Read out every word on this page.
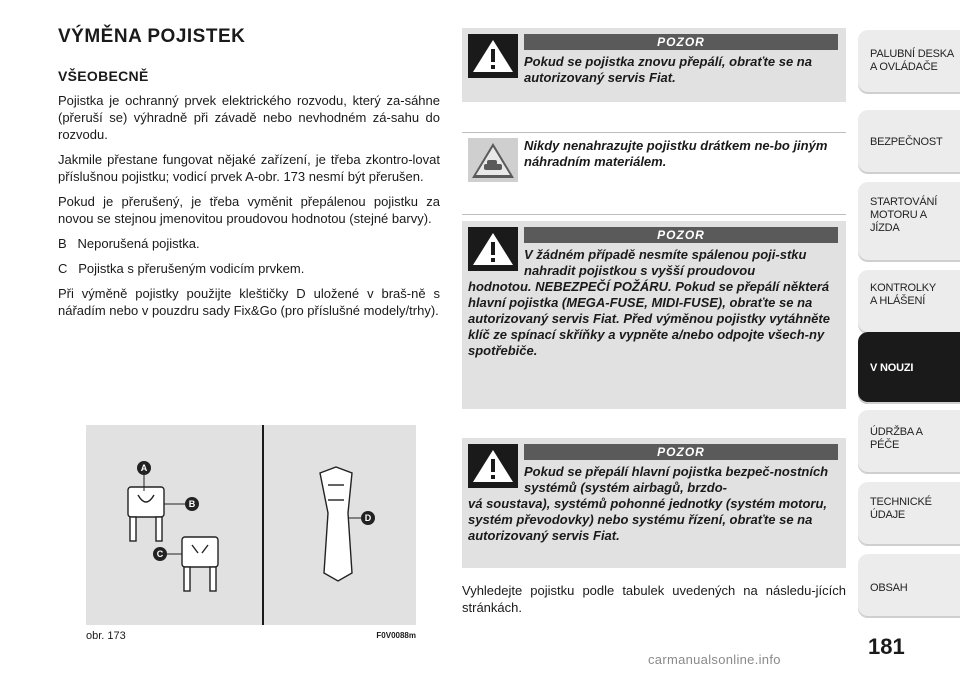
VÝMĚNA POJISTEK
VŠEOBECNĚ

Pojistka je ochranný prvek elektrického rozvodu, který za-sáhne (přeruší se) výhradně při závadě nebo nevhodném zá-sahu do rozvodu.

Jakmile přestane fungovat nějaké zařízení, je třeba zkontro-lovat příslušnou pojistku; vodicí prvek A-obr. 173 nesmí být přerušen.

Pokud je přerušený, je třeba vyměnit přepálenou pojistku za novou se stejnou jmenovitou proudovou hodnotou (stejné barvy).

B   Neporušená pojistka.

C   Pojistka s přerušeným vodicím prvkem.

Při výměně pojistky použijte kleštičky D uložené v braš-ně s nářadím nebo v pouzdru sady Fix&Go (pro příslušné modely/trhy).

A
B
C
D
obr. 173	F0V0088m
POZOR
Pokud se pojistka znovu přepálí, obraťte se na autorizovaný servis Fiat.
Nikdy nenahrazujte pojistku drátkem ne-bo jiným náhradním materiálem.
POZOR
V žádném případě nesmíte spálenou poji-stku nahradit pojistkou s vyšší proudovou
hodnotou. NEBEZPEČÍ POŽÁRU. Pokud se přepálí některá hlavní pojistka (MEGA-FUSE, MIDI-FUSE), obraťte se na autorizovaný servis Fiat. Před výměnou pojistky vytáhněte klíč ze spínací skříňky a vypněte a/nebo odpojte všech-ny spotřebiče.
POZOR
Pokud se přepálí hlavní pojistka bezpeč-nostních systémů (systém airbagů, brzdo-
vá soustava), systémů pohonné jednotky (systém motoru, systém převodovky) nebo systému řízení, obraťte se na autorizovaný servis Fiat.
Vyhledejte pojistku podle tabulek uvedených na následu-jících stránkách.
PALUBNÍ DESKA A OVLÁDAČE
BEZPEČNOST
STARTOVÁNÍ MOTORU A JÍZDA
KONTROLKY A HLÁŠENÍ
V NOUZI
ÚDRŽBA A PÉČE
TECHNICKÉ ÚDAJE
OBSAH
181
carmanualsonline.info
